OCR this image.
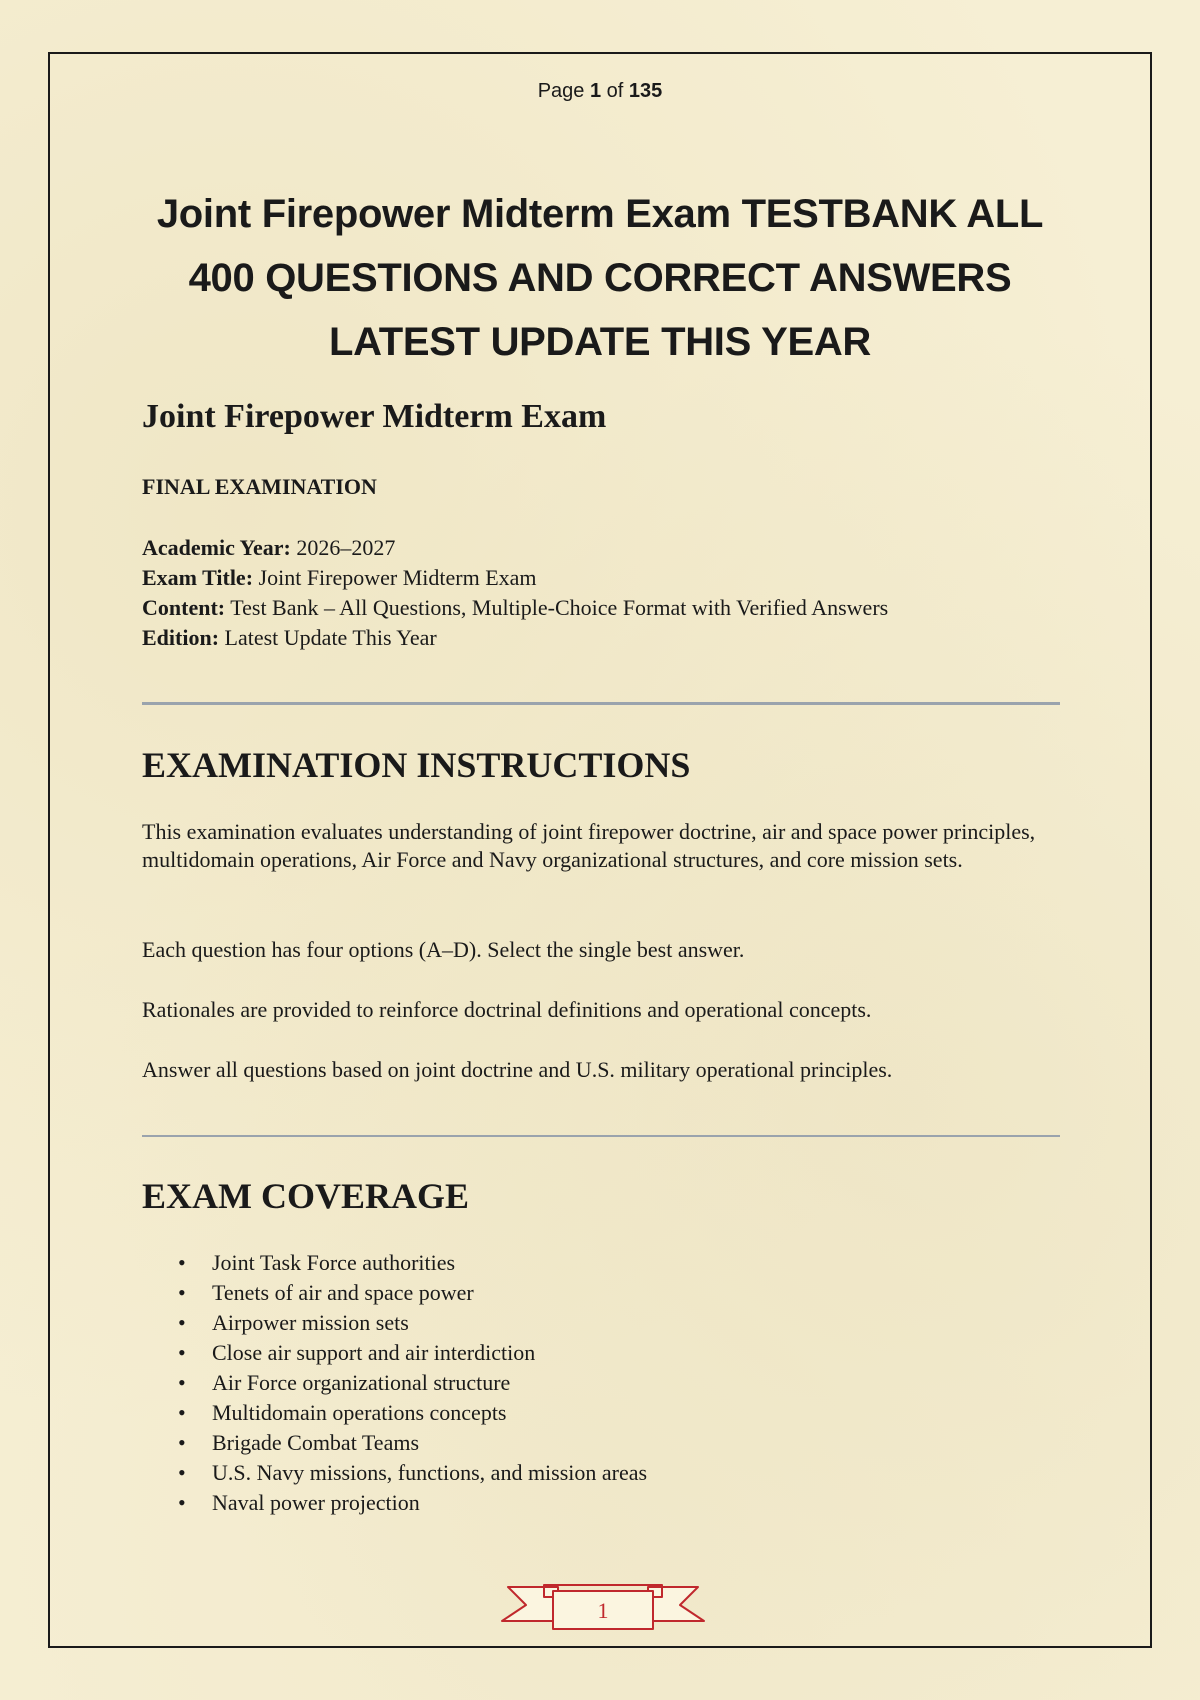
Page 1 of 135
Joint Firepower Midterm Exam TESTBANK ALL
400 QUESTIONS AND CORRECT ANSWERS
LATEST UPDATE THIS YEAR
Joint Firepower Midterm Exam
FINAL EXAMINATION
Academic Year: 2026–2027
Exam Title: Joint Firepower Midterm Exam
Content: Test Bank – All Questions, Multiple-Choice Format with Verified Answers
Edition: Latest Update This Year
EXAMINATION INSTRUCTIONS
This examination evaluates understanding of joint firepower doctrine, air and space power principles, multidomain operations, Air Force and Navy organizational structures, and core mission sets.
Each question has four options (A–D). Select the single best answer.
Rationales are provided to reinforce doctrinal definitions and operational concepts.
Answer all questions based on joint doctrine and U.S. military operational principles.
EXAM COVERAGE
• Joint Task Force authorities
• Tenets of air and space power
• Airpower mission sets
• Close air support and air interdiction
• Air Force organizational structure
• Multidomain operations concepts
• Brigade Combat Teams
• U.S. Navy missions, functions, and mission areas
• Naval power projection
1
